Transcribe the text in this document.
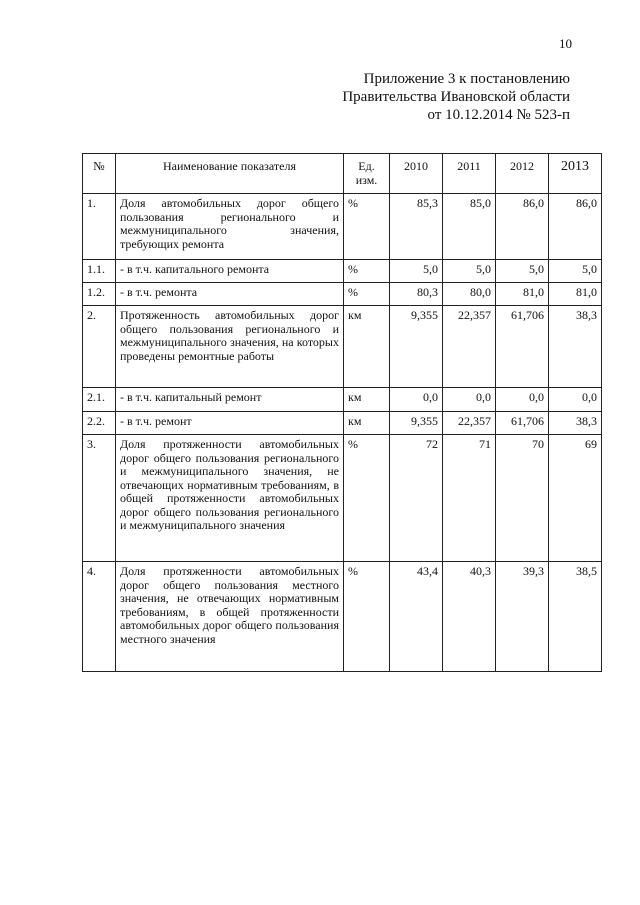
10
Приложение 3 к постановлению
Правительства Ивановской области
от 10.12.2014 № 523-п
№	Наименование показателя	Ед. изм.	2010	2011	2012	2013
1.	Доля автомобильных дорог общего пользования регионального и межмуниципального значения, требующих ремонта	%	85,3	85,0	86,0	86,0
1.1.	- в т.ч. капитального ремонта	%	5,0	5,0	5,0	5,0
1.2.	- в т.ч. ремонта	%	80,3	80,0	81,0	81,0
2.	Протяженность автомобильных дорог общего пользования регионального и межмуниципального значения, на которых проведены ремонтные работы	км	9,355	22,357	61,706	38,3
2.1.	- в т.ч. капитальный ремонт	км	0,0	0,0	0,0	0,0
2.2.	- в т.ч. ремонт	км	9,355	22,357	61,706	38,3
3.	Доля протяженности автомобильных дорог общего пользования регионального и межмуниципального значения, не отвечающих нормативным требованиям, в общей протяженности автомобильных дорог общего пользования регионального и межмуниципального значения	%	72	71	70	69
4.	Доля протяженности автомобильных дорог общего пользования местного значения, не отвечающих нормативным требованиям, в общей протяженности автомобильных дорог общего пользования местного значения	%	43,4	40,3	39,3	38,5
